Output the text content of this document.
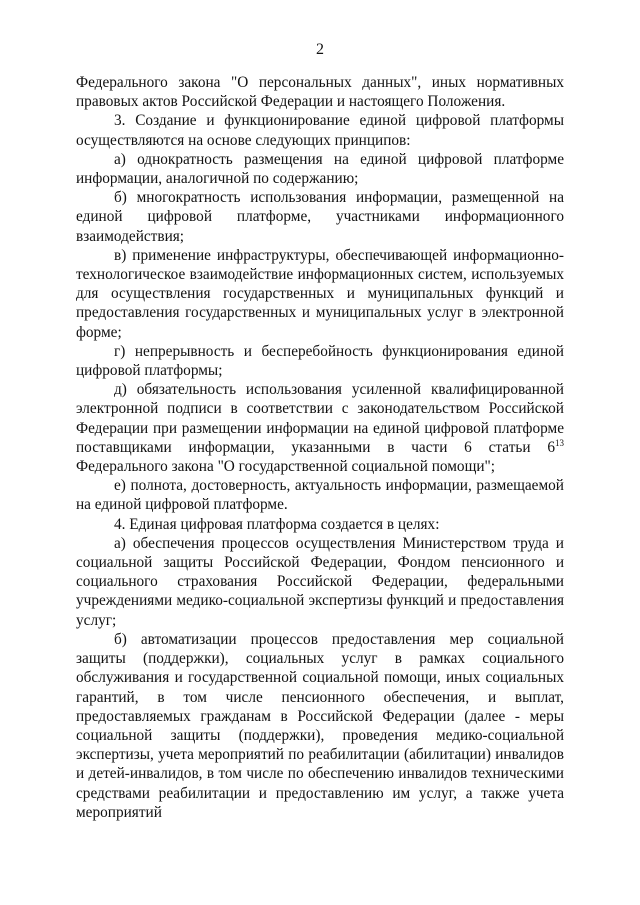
2

Федерального закона "О персональных данных", иных нормативных правовых актов Российской Федерации и настоящего Положения.

3. Создание и функционирование единой цифровой платформы осуществляются на основе следующих принципов:

а) однократность размещения на единой цифровой платформе информации, аналогичной по содержанию;

б) многократность использования информации, размещенной на единой цифровой платформе, участниками информационного взаимодействия;

в) применение инфраструктуры, обеспечивающей информационно-технологическое взаимодействие информационных систем, используемых для осуществления государственных и муниципальных функций и предоставления государственных и муниципальных услуг в электронной форме;

г) непрерывность и бесперебойность функционирования единой цифровой платформы;

д) обязательность использования усиленной квалифицированной электронной подписи в соответствии с законодательством Российской Федерации при размещении информации на единой цифровой платформе поставщиками информации, указанными в части 6 статьи $6^{13}$ Федерального закона "О государственной социальной помощи";

е) полнота, достоверность, актуальность информации, размещаемой на единой цифровой платформе.

4. Единая цифровая платформа создается в целях:

а) обеспечения процессов осуществления Министерством труда и социальной защиты Российской Федерации, Фондом пенсионного и социального страхования Российской Федерации, федеральными учреждениями медико-социальной экспертизы функций и предоставления услуг;

б) автоматизации процессов предоставления мер социальной защиты (поддержки), социальных услуг в рамках социального обслуживания и государственной социальной помощи, иных социальных гарантий, в том числе пенсионного обеспечения, и выплат, предоставляемых гражданам в Российской Федерации (далее - меры социальной защиты (поддержки), проведения медико-социальной экспертизы, учета мероприятий по реабилитации (абилитации) инвалидов и детей-инвалидов, в том числе по обеспечению инвалидов техническими средствами реабилитации и предоставлению им услуг, а также учета мероприятий
